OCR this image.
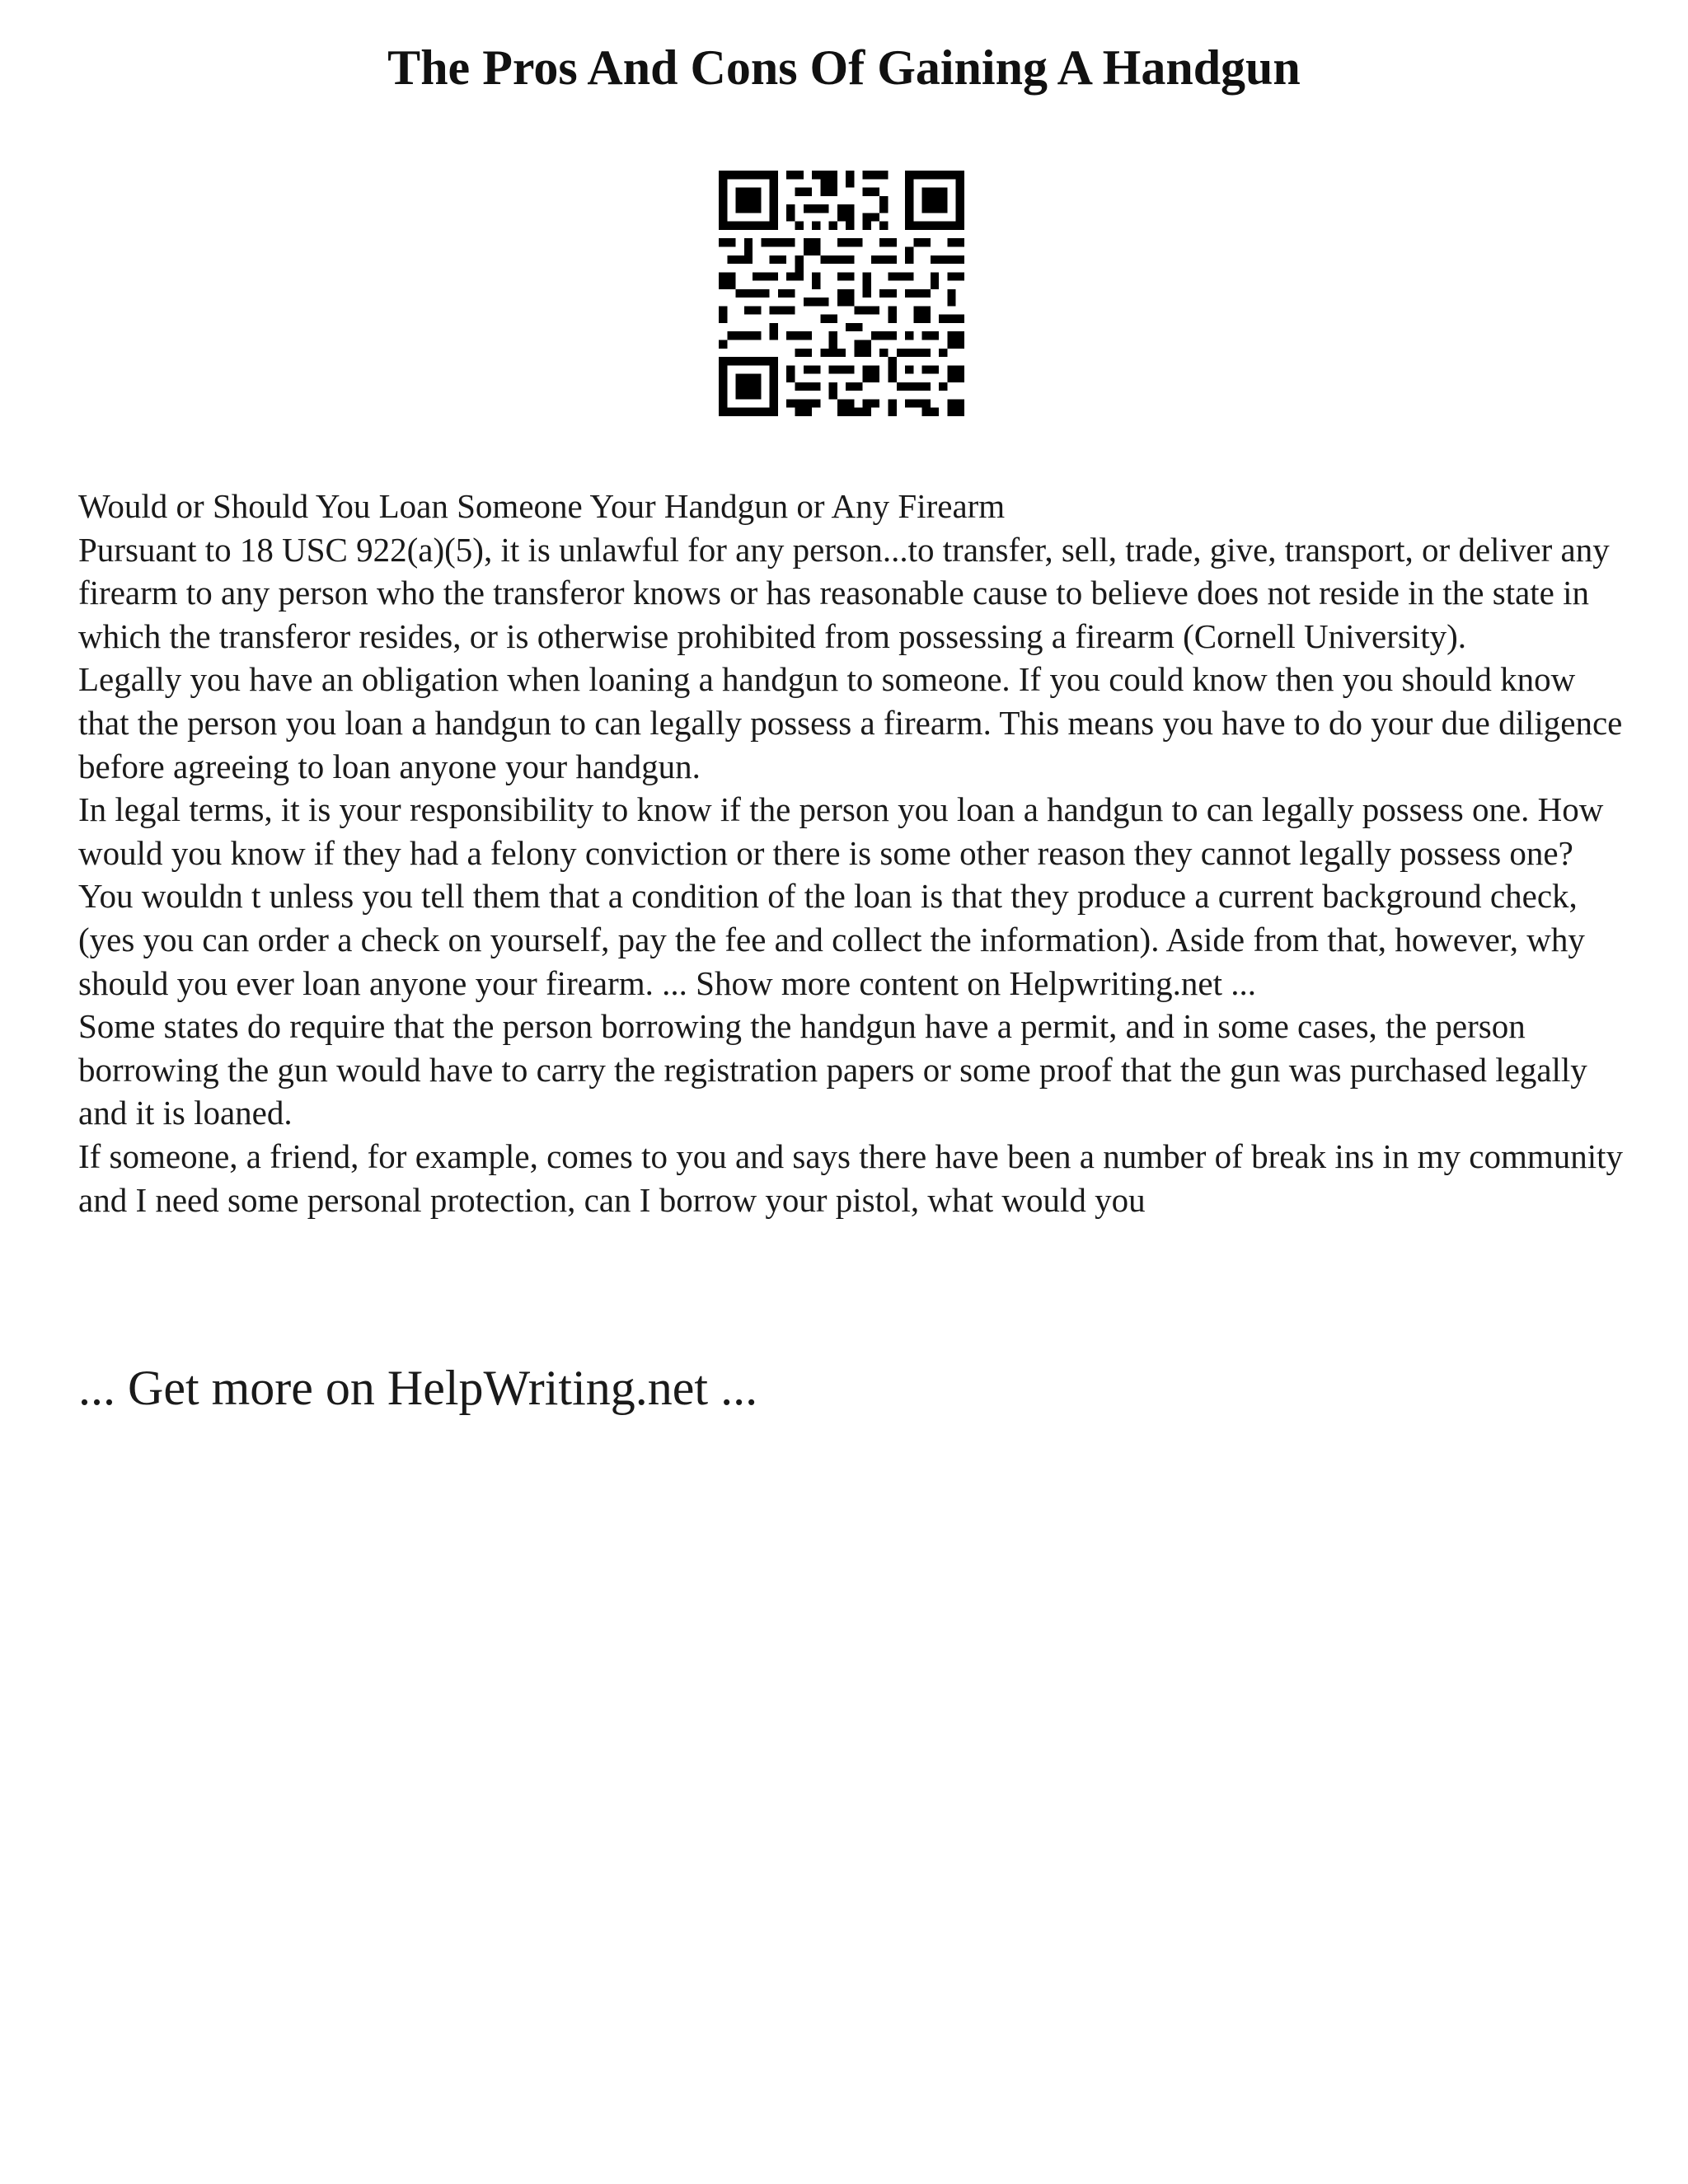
The Pros And Cons Of Gaining A Handgun

Would or Should You Loan Someone Your Handgun or Any Firearm

Pursuant to 18 USC 922(a)(5), it is unlawful for any person...to transfer, sell, trade, give, transport, or deliver any firearm to any person who the transferor knows or has reasonable cause to believe does not reside in the state in which the transferor resides, or is otherwise prohibited from possessing a firearm (Cornell University).

Legally you have an obligation when loaning a handgun to someone. If you could know then you should know that the person you loan a handgun to can legally possess a firearm. This means you have to do your due diligence before agreeing to loan anyone your handgun.

In legal terms, it is your responsibility to know if the person you loan a handgun to can legally possess one. How would you know if they had a felony conviction or there is some other reason they cannot legally possess one? You wouldn t unless you tell them that a condition of the loan is that they produce a current background check, (yes you can order a check on yourself, pay the fee and collect the information). Aside from that, however, why should you ever loan anyone your firearm. ... Show more content on Helpwriting.net ...

Some states do require that the person borrowing the handgun have a permit, and in some cases, the person borrowing the gun would have to carry the registration papers or some proof that the gun was purchased legally and it is loaned.

If someone, a friend, for example, comes to you and says there have been a number of break ins in my community and I need some personal protection, can I borrow your pistol, what would you

... Get more on HelpWriting.net ...
